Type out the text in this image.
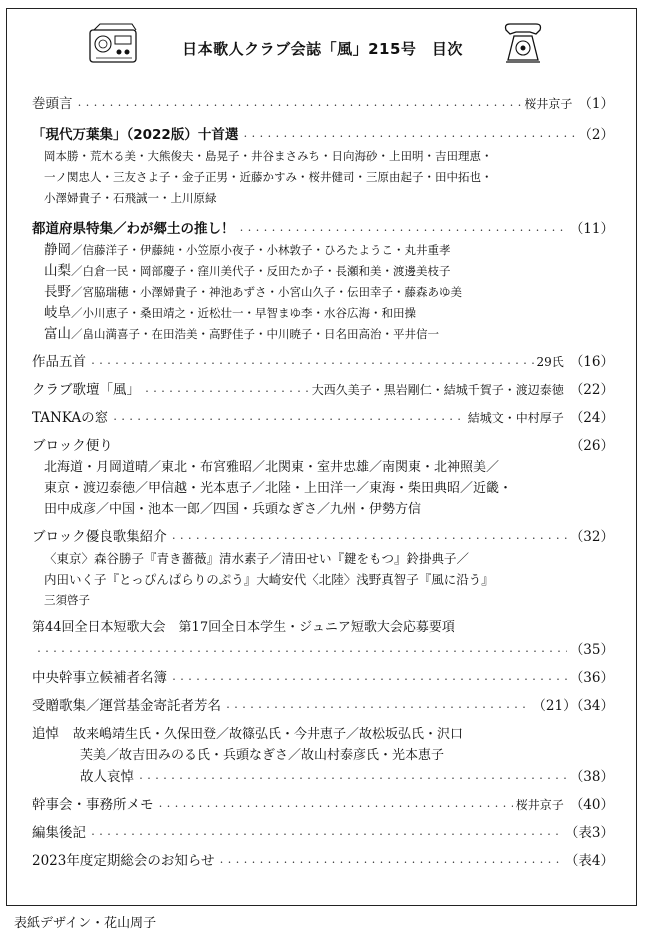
日本歌人クラブ会誌「風」215号　目次
巻頭言 ・・・・・・・・・・・・・・・・・・・・・・・・・・・・・・・・・・・・・・・・・・・・・・・・・・・・・・・・・・・・・・・・・・・・・・・・・・・・・・	桜井京子 （1）
「現代万葉集」（2022版）十首選 ・・・・・・・・・・・・・・・・・・・・・・・・・・・・・・・・・・・・・・・・・・・・・・・・・・・・・・・・・・・・・・・・・・・・・・・・・・・・・・	（2）
岡本勝・荒木る美・大熊俊夫・島晃子・井谷まさみち・日向海砂・上田明・吉田理恵・
一ノ関忠人・三友さよ子・金子正男・近藤かすみ・桜井健司・三原由起子・田中拓也・
小澤婦貴子・石飛誠一・上川原緑
都道府県特集／わが郷土の推し！ ・・・・・・・・・・・・・・・・・・・・・・・・・・・・・・・・・・・・・・・・・・・・・・・・・・・・・・・・・・・・・・・・・・・・・・・・・・・・・・	（11）
静岡／信藤洋子・伊藤純・小笠原小夜子・小林敦子・ひろたようこ・丸井重孝
山梨／白倉一民・岡部慶子・窪川美代子・反田たか子・長瀬和美・渡邊美枝子
長野／宮脇瑞穂・小澤婦貴子・神池あずさ・小宮山久子・伝田幸子・藤森あゆ美
岐阜／小川恵子・桑田靖之・近松壮一・早智まゆ李・水谷広海・和田操
富山／畠山満喜子・在田浩美・高野佳子・中川暁子・日名田高治・平井信一
作品五首 ・・・・・・・・・・・・・・・・・・・・・・・・・・・・・・・・・・・・・・・・・・・・・・・・・・・・・・・・・・・・・・・・・・・・・・・・・・・・・・	29氏 （16）
クラブ歌壇「風」 ・・・・・・・・・・・・・・・・・・・・・・・・・・・・・・・・・・・・・・・・・・・・・・・・・・・・・・・・・・・・・・・・・・・・・・・・・・・・・・	大西久美子・黒岩剛仁・結城千賀子・渡辺泰徳 （22）
TANKAの窓 ・・・・・・・・・・・・・・・・・・・・・・・・・・・・・・・・・・・・・・・・・・・・・・・・・・・・・・・・・・・・・・・・・・・・・・・・・・・・・・	結城文・中村厚子 （24）
ブロック便り	（26）
北海道・月岡道晴／東北・布宮雅昭／北関東・室井忠雄／南関東・北神照美／
東京・渡辺泰徳／甲信越・光本恵子／北陸・上田洋一／東海・柴田典昭／近畿・
田中成彦／中国・池本一郎／四国・兵頭なぎさ／九州・伊勢方信
ブロック優良歌集紹介 ・・・・・・・・・・・・・・・・・・・・・・・・・・・・・・・・・・・・・・・・・・・・・・・・・・・・・・・・・・・・・・・・・・・・・・・・・・・・・・	（32）
〈東京〉森谷勝子『青き薔薇』清水素子／清田せい『鍵をもつ』鈴掛典子／
内田いく子『とっぴんぱらりのぷう』大崎安代〈北陸〉浅野真智子『風に沿う』
三須啓子
第44回全日本短歌大会　第17回全日本学生・ジュニア短歌大会応募要項
・・・・・・・・・・・・・・・・・・・・・・・・・・・・・・・・・・・・・・・・・・・・・・・・・・・・・・・・・・・・・・・・・・・・・・・・・・・・・・
（35）
中央幹事立候補者名簿 ・・・・・・・・・・・・・・・・・・・・・・・・・・・・・・・・・・・・・・・・・・・・・・・・・・・・・・・・・・・・・・・・・・・・・・・・・・・・・・	（36）
受贈歌集／運営基金寄託者芳名 ・・・・・・・・・・・・・・・・・・・・・・・・・・・・・・・・・・・・・・・・・・・・・・・・・・・・・・・・・・・・・・・・・・・・・・・・・・・・・・	（21）（34）
追悼 故来嶋靖生氏・久保田登／故篠弘氏・今井恵子／故松坂弘氏・沢口
芙美／故吉田みのる氏・兵頭なぎさ／故山村泰彦氏・光本恵子
故人哀悼 ・・・・・・・・・・・・・・・・・・・・・・・・・・・・・・・・・・・・・・・・・・・・・・・・・・・・・・・・・・・・・・・・・・・・・・・・・・・・・・	（38）
幹事会・事務所メモ ・・・・・・・・・・・・・・・・・・・・・・・・・・・・・・・・・・・・・・・・・・・・・・・・・・・・・・・・・・・・・・・・・・・・・・・・・・・・・・	桜井京子 （40）
編集後記 ・・・・・・・・・・・・・・・・・・・・・・・・・・・・・・・・・・・・・・・・・・・・・・・・・・・・・・・・・・・・・・・・・・・・・・・・・・・・・・	（表3）
2023年度定期総会のお知らせ ・・・・・・・・・・・・・・・・・・・・・・・・・・・・・・・・・・・・・・・・・・・・・・・・・・・・・・・・・・・・・・・・・・・・・・・・・・・・・・	（表4）
表紙デザイン・花山周子
